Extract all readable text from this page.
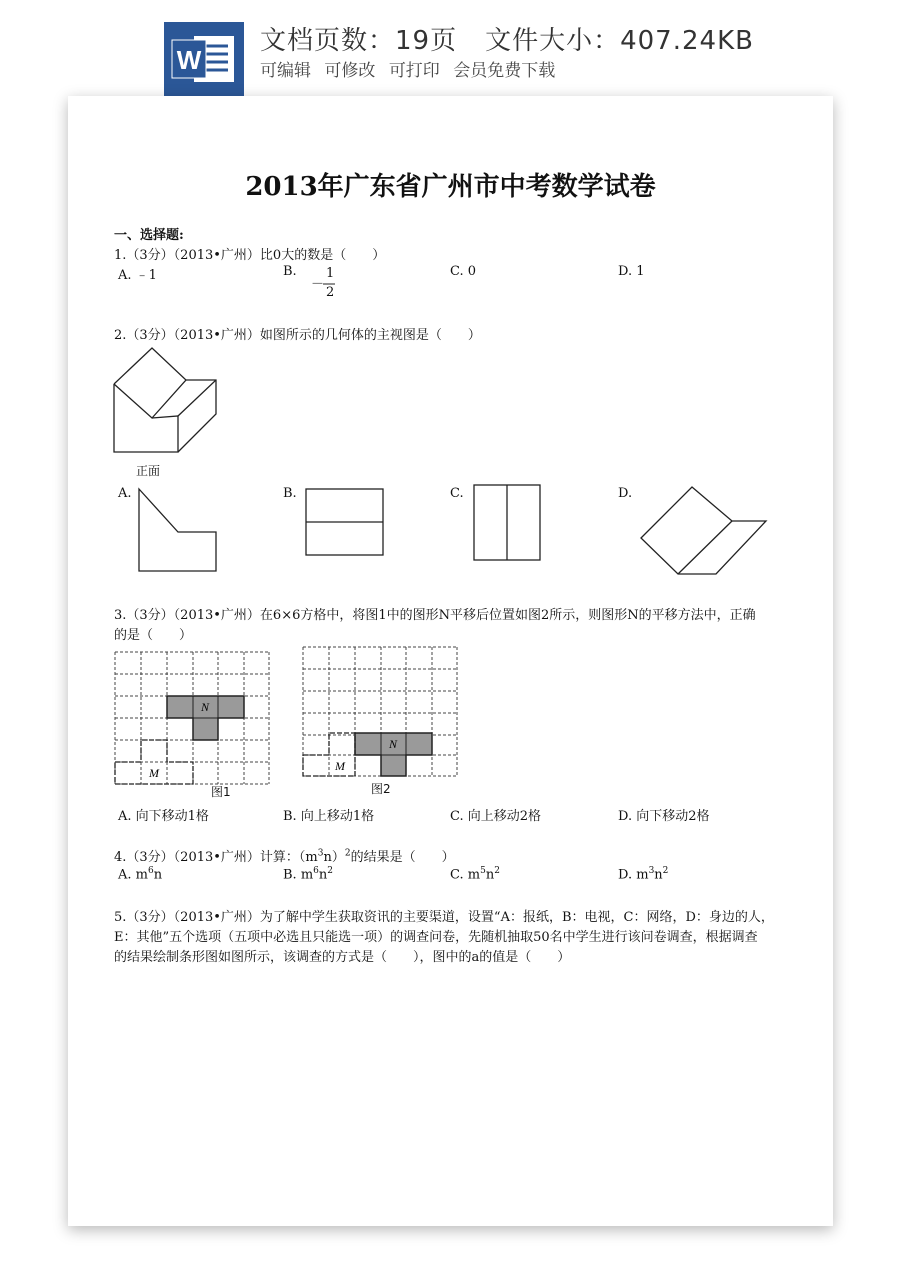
W
文档页数：19页 文件大小：407.24KB
可编辑 可修改 可打印 会员免费下载
2013年广东省广州市中考数学试卷
一、选择题:
1.（3分）（2013•广州）比0大的数是（　　）
A. ﹣1	B.
－
1
2
C. 0	D. 1
2.（3分）（2013•广州）如图所示的几何体的主视图是（　　）
正面
A.	B.	C.	D.
3.（3分）（2013•广州）在6×6方格中，将图1中的图形N平移后位置如图2所示，则图形N的平移方法中，正确
的是（　　）
N
M
图1
N
M
图2
A. 向下移动1格	B. 向上移动1格	C. 向上移动2格	D. 向下移动2格
4.（3分）（2013•广州）计算：$(m^3n)^2$的结果是（　　）
A. $m^6n$	B. $m^6n^2$	C. $m^5n^2$	D. $m^3n^2$
5.（3分）（2013•广州）为了解中学生获取资讯的主要渠道，设置“A：报纸，B：电视，C：网络，D：身边的人，
E：其他”五个选项（五项中必选且只能选一项）的调查问卷，先随机抽取50名中学生进行该问卷调查，根据调查
的结果绘制条形图如图所示，该调查的方式是（　　），图中的a的值是（　　）
